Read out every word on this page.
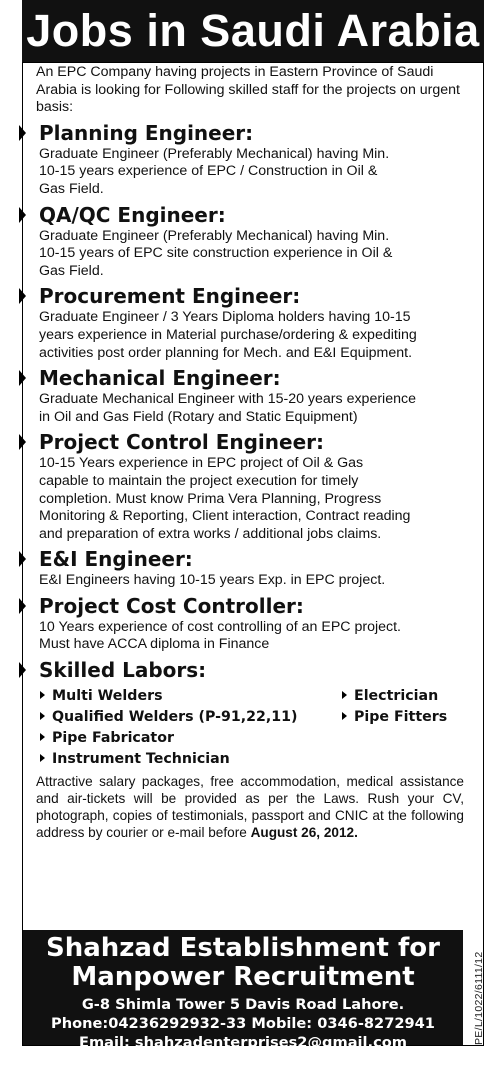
Jobs in Saudi Arabia

An EPC Company having projects in Eastern Province of Saudi Arabia is looking for Following skilled staff for the projects on urgent basis:

Planning Engineer:

Graduate Engineer (Preferably Mechanical) having Min.

10-15 years experience of EPC / Construction in Oil &

Gas Field.

QA/QC Engineer:

Graduate Engineer (Preferably Mechanical) having Min.

10-15 years of EPC site construction experience in Oil &

Gas Field.

Procurement Engineer:

Graduate Engineer / 3 Years Diploma holders having 10-15

years experience in Material purchase/ordering & expediting

activities post order planning for Mech. and E&I Equipment.

Mechanical Engineer:

Graduate Mechanical Engineer with 15-20 years experience

in Oil and Gas Field (Rotary and Static Equipment)

Project Control Engineer:

10-15 Years experience in EPC project of Oil & Gas

capable to maintain the project execution for timely

completion. Must know Prima Vera Planning, Progress

Monitoring & Reporting, Client interaction, Contract reading

and preparation of extra works / additional jobs claims.

E&I Engineer:

E&I Engineers having 10-15 years Exp. in EPC project.

Project Cost Controller:

10 Years experience of cost controlling of an EPC project.

Must have ACCA diploma in Finance

Skilled Labors:
Multi Welders
Qualified Welders (P-91,22,11)
Pipe Fabricator
Instrument Technician
Electrician
Pipe Fitters

Attractive salary packages, free accommodation, medical assistance and air-tickets will be provided as per the Laws. Rush your CV, photograph, copies of testimonials, passport and CNIC at the following address by courier or e-mail before August 26, 2012.

Shahzad Establishment for
Manpower Recruitment
G-8 Shimla Tower 5 Davis Road Lahore.
Phone:04236292932-33 Mobile: 0346-8272941
Email: shahzadenterprises2@gmail.com	PE/L/1022/6111/12
